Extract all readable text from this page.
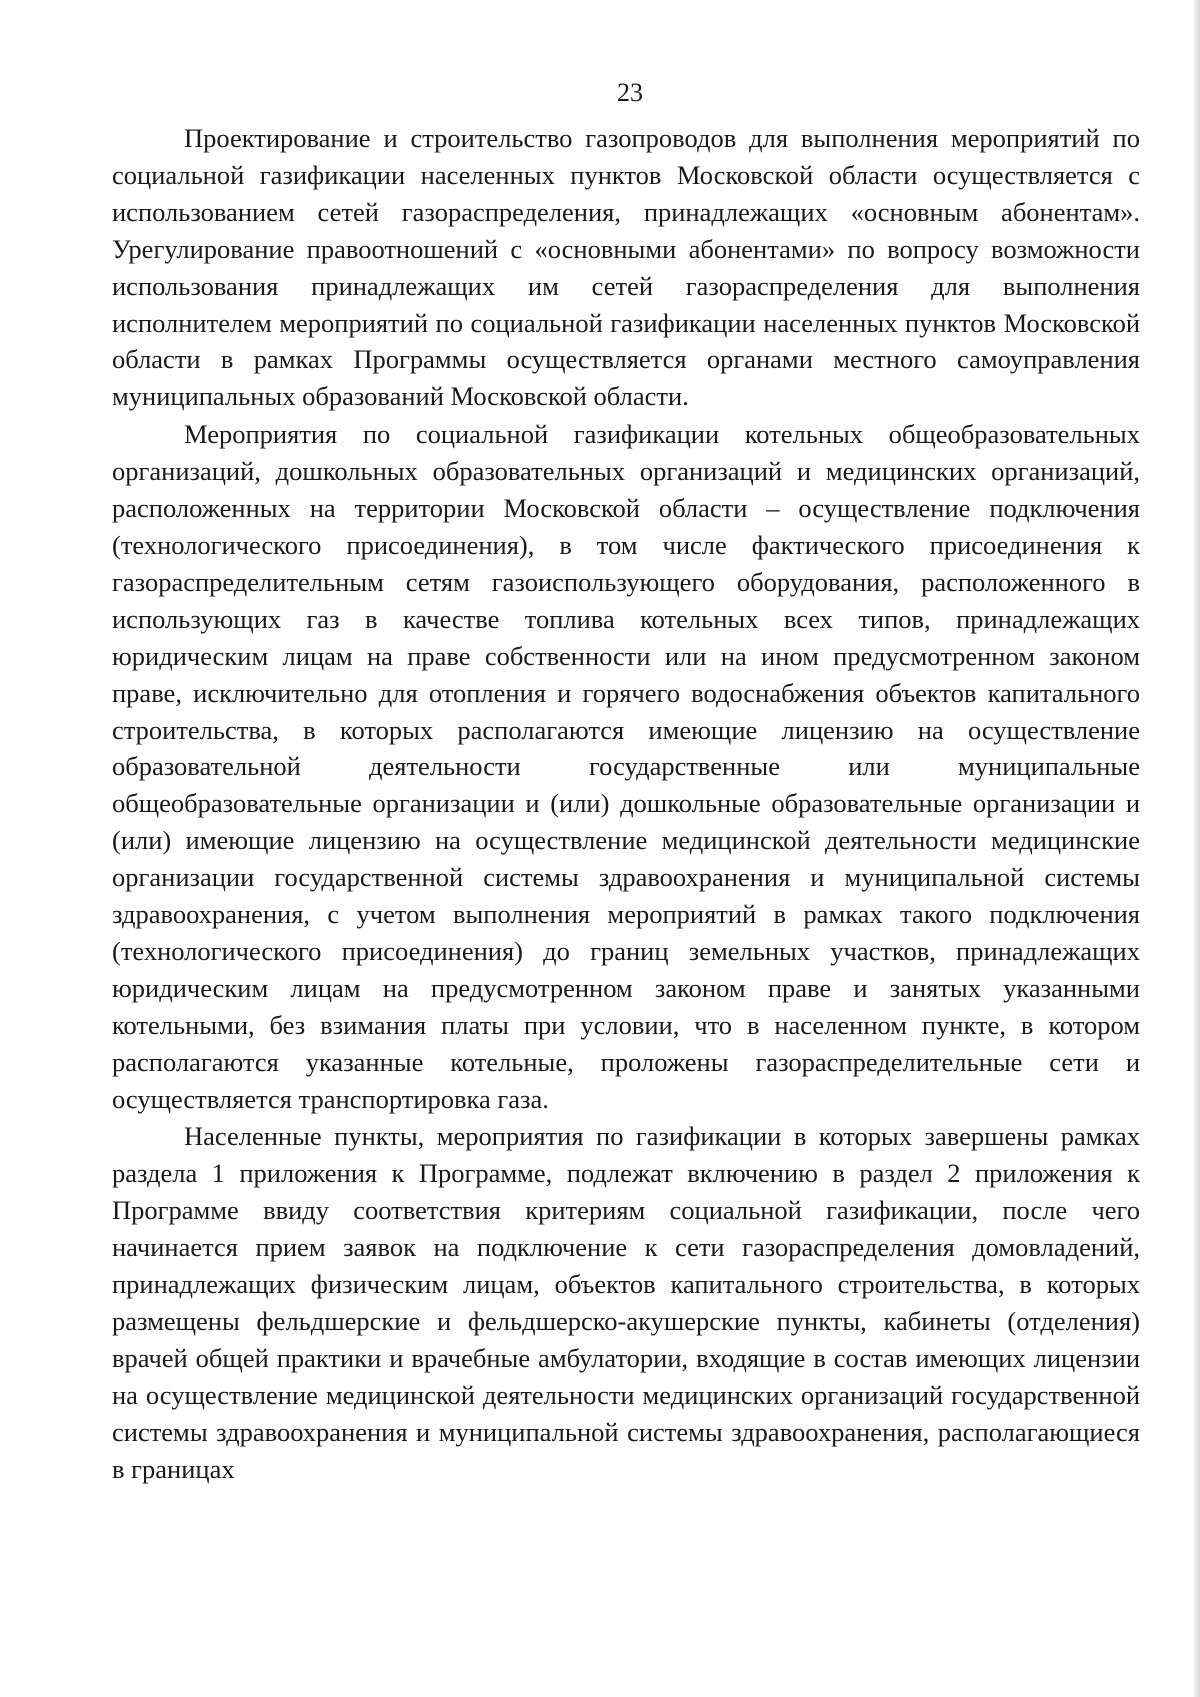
23

Проектирование и строительство газопроводов для выполнения мероприятий по социальной газификации населенных пунктов Московской области осуществляется с использованием сетей газораспределения, принадлежащих «основным абонентам». Урегулирование правоотношений с «основными абонентами» по вопросу возможности использования принадлежащих им сетей газораспределения для выполнения исполнителем мероприятий по социальной газификации населенных пунктов Московской области в рамках Программы осуществляется органами местного самоуправления муниципальных образований Московской области.

Мероприятия по социальной газификации котельных общеобразовательных организаций, дошкольных образовательных организаций и медицинских организаций, расположенных на территории Московской области – осуществление подключения (технологического присоединения), в том числе фактического присоединения к газораспределительным сетям газоиспользующего оборудования, расположенного в использующих газ в качестве топлива котельных всех типов, принадлежащих юридическим лицам на праве собственности или на ином предусмотренном законом праве, исключительно для отопления и горячего водоснабжения объектов капитального строительства, в которых располагаются имеющие лицензию на осуществление образовательной деятельности государственные или муниципальные общеобразовательные организации и (или) дошкольные образовательные организации и (или) имеющие лицензию на осуществление медицинской деятельности медицинские организации государственной системы здравоохранения и муниципальной системы здравоохранения, с учетом выполнения мероприятий в рамках такого подключения (технологического присоединения) до границ земельных участков, принадлежащих юридическим лицам на предусмотренном законом праве и занятых указанными котельными, без взимания платы при условии, что в населенном пункте, в котором располагаются указанные котельные, проложены газораспределительные сети и осуществляется транспортировка газа.

Населенные пункты, мероприятия по газификации в которых завершены рамках раздела 1 приложения к Программе, подлежат включению в раздел 2 приложения к Программе ввиду соответствия критериям социальной газификации, после чего начинается прием заявок на подключение к сети газораспределения домовладений, принадлежащих физическим лицам, объектов капитального строительства, в которых размещены фельдшерские и фельдшерско-акушерские пункты, кабинеты (отделения) врачей общей практики и врачебные амбулатории, входящие в состав имеющих лицензии на осуществление медицинской деятельности медицинских организаций государственной системы здравоохранения и муниципальной системы здравоохранения, располагающиеся в границах
